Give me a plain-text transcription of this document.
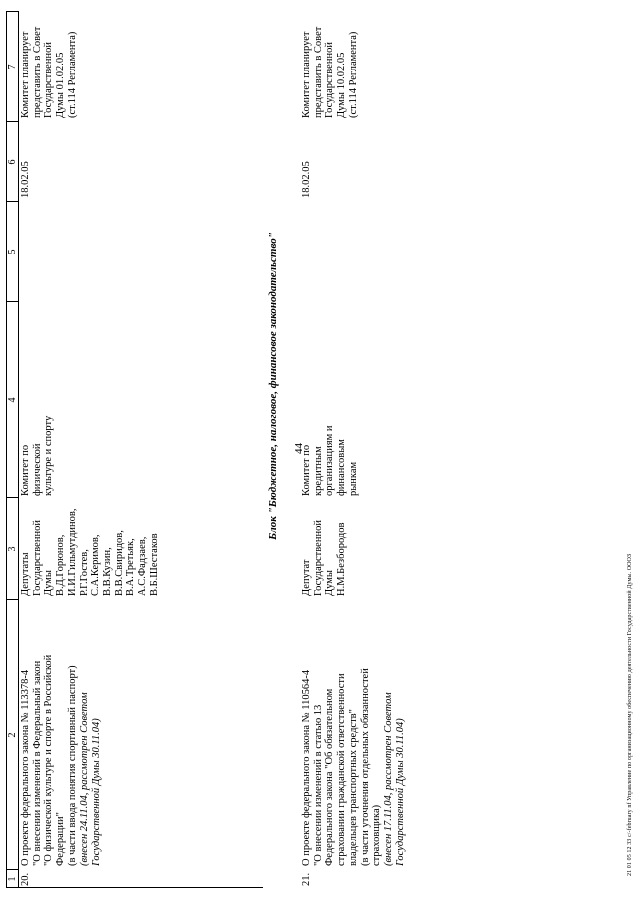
44
1
2
3
4
5
6
7
20.
О проекте федерального закона № 113378-4
"О внесении изменений в Федеральный закон
"О физической культуре и спорте в Российской
Федерации"
(в части ввода понятия спортивный паспорт)
(внесен 24.11.04, рассмотрен Советом
Государственной Думы 30.11.04)
Депутаты
Государственной
Думы
В.Д.Горюнов,
И.И.Гильмутдинов,
Р.Г.Гостев,
С.А.Керимов,
В.В.Кузин,
В.В.Свиридов,
В.А.Третьяк,
А.С.Фадзаев,
В.Б.Шестаков
Комитет по
физической
культуре и спорту
18.02.05
Комитет планирует
представить в Совет
Государственной
Думы 01.02.05
(ст.114 Регламента)
Блок "Бюджетное, налоговое, финансовое законодательство"
21.
О проекте федерального закона № 110564-4
"О внесении изменений в статью 13
Федерального закона "Об обязательном
страховании гражданской ответственности
владельцев транспортных средств"
(в части уточнения отдельных обязанностей
страховщика) (внесен 17.11.04, рассмотрен Советом
Государственной Думы 30.11.04)
Депутат
Государственной
Думы
Н.М.Безбородов
Комитет по
кредитным
организациям и
финансовым
рынкам
18.02.05
Комитет планирует
представить в Совет
Государственной
Думы 10.02.05
(ст.114 Регламента)
21 01 05 12 33 c/-february nf Управление по организационному обеспечению деятельности Государственной Думы. ОООЗ
